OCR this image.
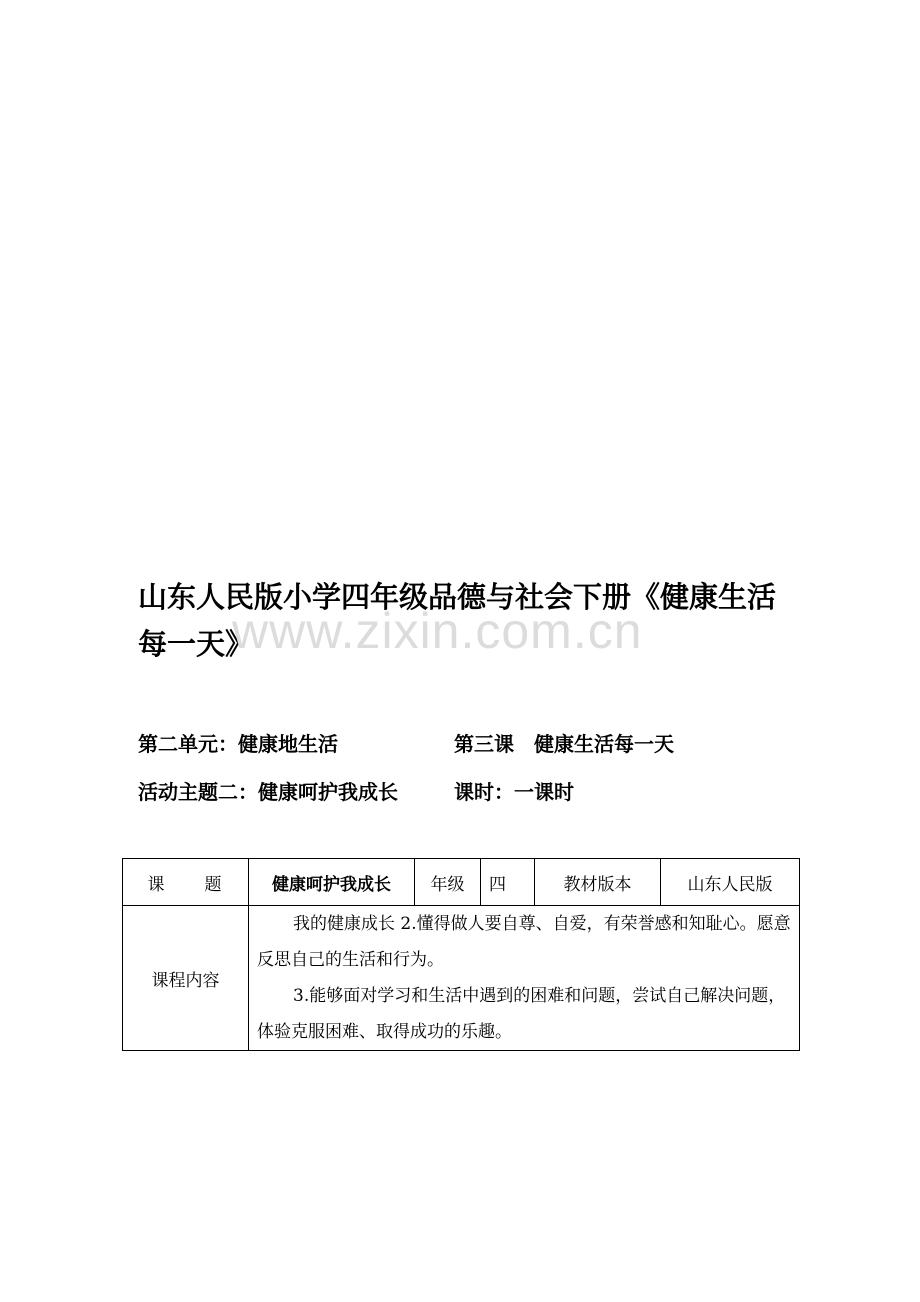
山东人民版小学四年级品德与社会下册《健康生活每一天》
www.zixin.com.cn
第二单元：健康地生活	第三课　健康生活每一天
活动主题二：健康呵护我成长	课时：一课时
课　　题	健康呵护我成长	年级	四	教材版本	山东人民版
课程内容	我的健康成长 2.懂得做人要自尊、自爱，有荣誉感和知耻心。愿意反思自己的生活和行为。

3.能够面对学习和生活中遇到的困难和问题，尝试自己解决问题，体验克服困难、取得成功的乐趣。				
